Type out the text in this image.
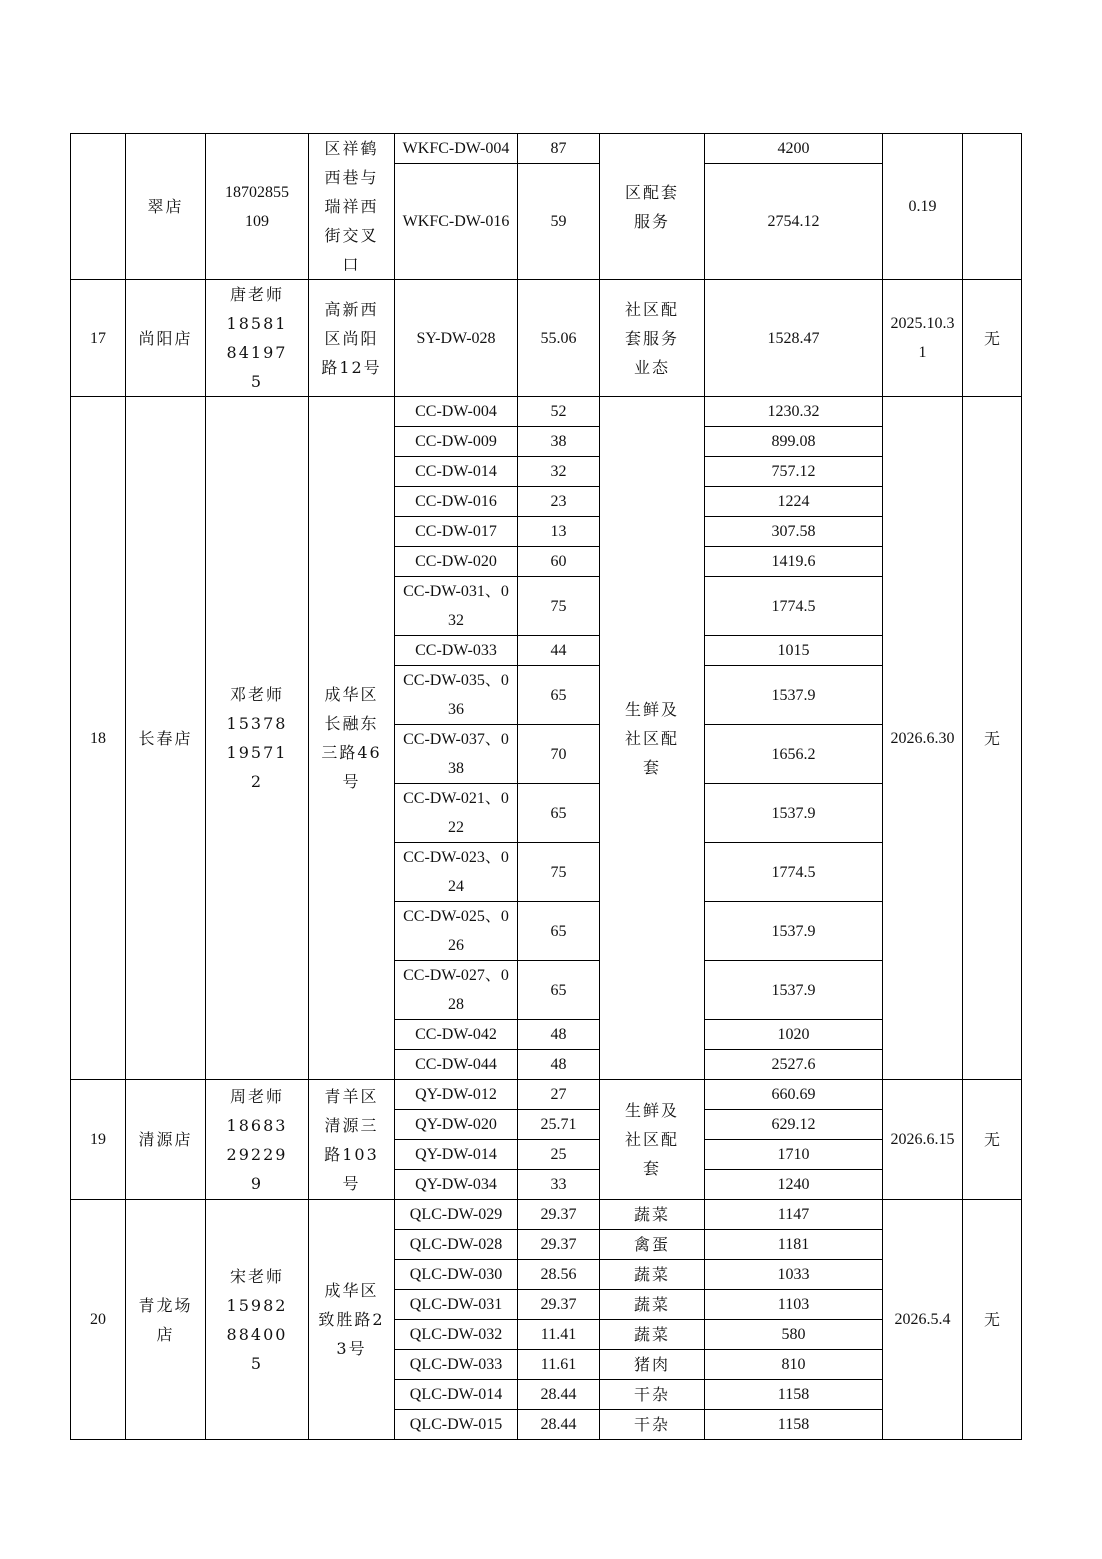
	翠店	18702855109	区祥鹤西巷与瑞祥西街交叉口	WKFC-DW-004	87	区配套服务	4200	0.19	
				WKFC-DW-016	59		2754.12		
17	尚阳店	唐老师18581841975	高新西区尚阳路12号	SY-DW-028	55.06	社区配套服务业态	1528.47	2025.10.31	无
18	长春店	邓老师15378195712	成华区长融东三路46号	CC-DW-004	52	生鲜及社区配套	1230.32	2026.6.30	无
				CC-DW-009	38		899.08		
				CC-DW-014	32		757.12		
				CC-DW-016	23		1224		
				CC-DW-017	13		307.58		
				CC-DW-020	60		1419.6		
				CC-DW-031、032	75		1774.5		
				CC-DW-033	44		1015		
				CC-DW-035、036	65		1537.9		
				CC-DW-037、038	70		1656.2		
				CC-DW-021、022	65		1537.9		
				CC-DW-023、024	75		1774.5		
				CC-DW-025、026	65		1537.9		
				CC-DW-027、028	65		1537.9		
				CC-DW-042	48		1020		
				CC-DW-044	48		2527.6		
19	清源店	周老师18683292299	青羊区清源三路103号	QY-DW-012	27	生鲜及社区配套	660.69	2026.6.15	无
				QY-DW-020	25.71		629.12		
				QY-DW-014	25		1710		
				QY-DW-034	33		1240		
20	青龙场店	宋老师15982884005	成华区致胜路23号	QLC-DW-029	29.37	蔬菜	1147	2026.5.4	无
				QLC-DW-028	29.37	禽蛋	1181		
				QLC-DW-030	28.56	蔬菜	1033		
				QLC-DW-031	29.37	蔬菜	1103		
				QLC-DW-032	11.41	蔬菜	580		
				QLC-DW-033	11.61	猪肉	810		
				QLC-DW-014	28.44	干杂	1158		
				QLC-DW-015	28.44	干杂	1158		
